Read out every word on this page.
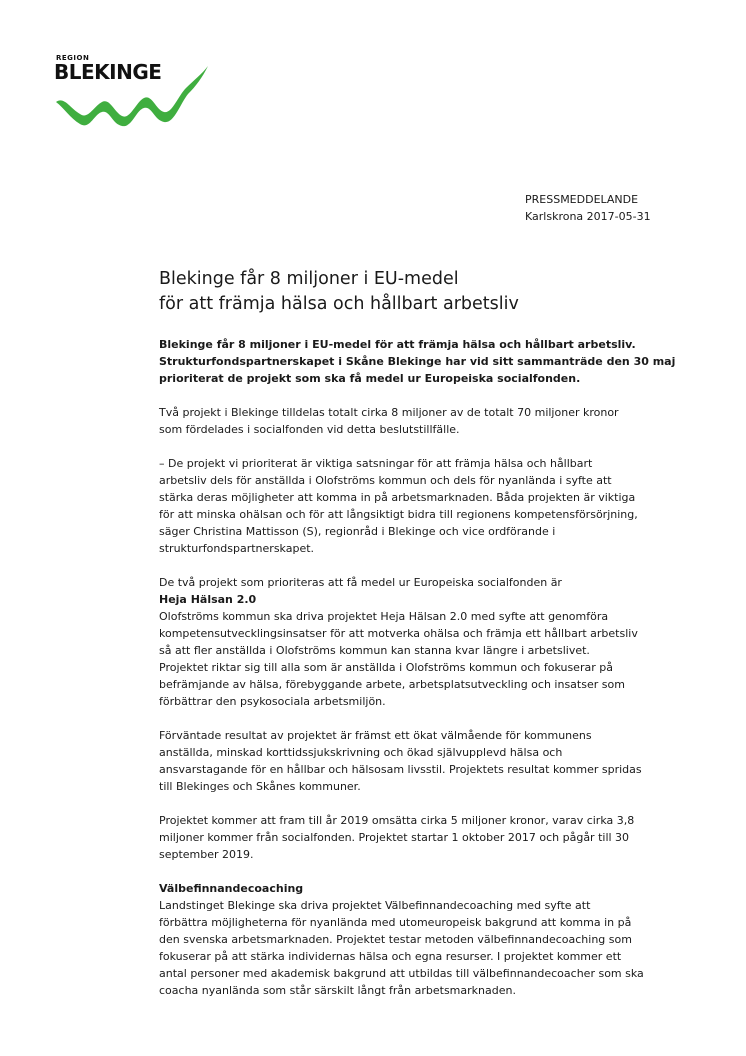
REGION
BLEKINGE
PRESSMEDDELANDE
Karlskrona 2017-05-31
Blekinge får 8 miljoner i EU-medel
för att främja hälsa och hållbart arbetsliv
Blekinge får 8 miljoner i EU-medel för att främja hälsa och hållbart arbetsliv.
Strukturfondspartnerskapet i Skåne Blekinge har vid sitt sammanträde den 30 maj
prioriterat de projekt som ska få medel ur Europeiska socialfonden.
Två projekt i Blekinge tilldelas totalt cirka 8 miljoner av de totalt 70 miljoner kronor
som fördelades i socialfonden vid detta beslutstillfälle.
– De projekt vi prioriterat är viktiga satsningar för att främja hälsa och hållbart
arbetsliv dels för anställda i Olofströms kommun och dels för nyanlända i syfte att
stärka deras möjligheter att komma in på arbetsmarknaden. Båda projekten är viktiga
för att minska ohälsan och för att långsiktigt bidra till regionens kompetensförsörjning,
säger Christina Mattisson (S), regionråd i Blekinge och vice ordförande i
strukturfondspartnerskapet.
De två projekt som prioriteras att få medel ur Europeiska socialfonden är
Heja Hälsan 2.0
Olofströms kommun ska driva projektet Heja Hälsan 2.0 med syfte att genomföra
kompetensutvecklingsinsatser för att motverka ohälsa och främja ett hållbart arbetsliv
så att fler anställda i Olofströms kommun kan stanna kvar längre i arbetslivet.
Projektet riktar sig till alla som är anställda i Olofströms kommun och fokuserar på
befrämjande av hälsa, förebyggande arbete, arbetsplatsutveckling och insatser som
förbättrar den psykosociala arbetsmiljön.
Förväntade resultat av projektet är främst ett ökat välmående för kommunens
anställda, minskad korttidssjukskrivning och ökad självupplevd hälsa och
ansvarstagande för en hållbar och hälsosam livsstil. Projektets resultat kommer spridas
till Blekinges och Skånes kommuner.
Projektet kommer att fram till år 2019 omsätta cirka 5 miljoner kronor, varav cirka 3,8
miljoner kommer från socialfonden. Projektet startar 1 oktober 2017 och pågår till 30
september 2019.
Välbefinnandecoaching
Landstinget Blekinge ska driva projektet Välbefinnandecoaching med syfte att
förbättra möjligheterna för nyanlända med utomeuropeisk bakgrund att komma in på
den svenska arbetsmarknaden. Projektet testar metoden välbefinnandecoaching som
fokuserar på att stärka individernas hälsa och egna resurser. I projektet kommer ett
antal personer med akademisk bakgrund att utbildas till välbefinnandecoacher som ska
coacha nyanlända som står särskilt långt från arbetsmarknaden.
